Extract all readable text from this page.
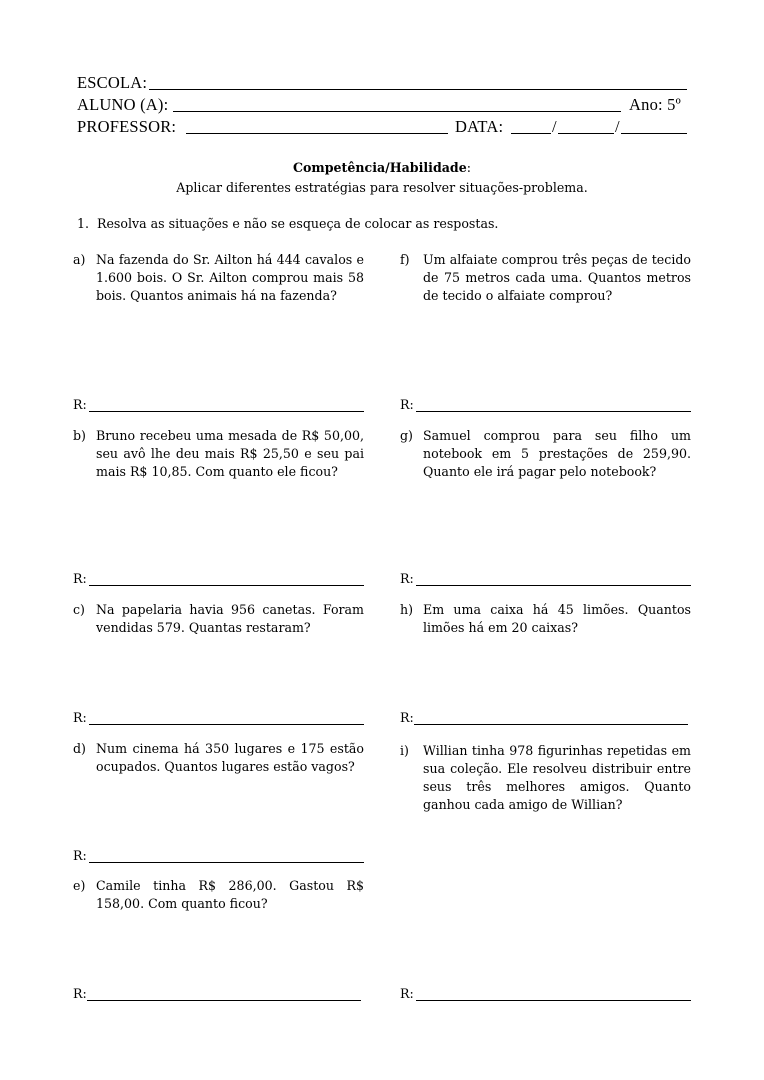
ESCOLA:
ALUNO (A):	Ano: 5º
PROFESSOR:	DATA:	/	/
Competência/Habilidade:
Aplicar diferentes estratégias para resolver situações-problema.
1. Resolva as situações e não se esqueça de colocar as respostas.
a) Na fazenda do Sr. Ailton há 444 cavalos e 1.600 bois. O Sr. Ailton comprou mais 58 bois. Quantos animais há na fazenda?
R:
b) Bruno recebeu uma mesada de R$ 50,00, seu avô lhe deu mais R$ 25,50 e seu pai mais R$ 10,85. Com quanto ele ficou?
R:
c) Na papelaria havia 956 canetas. Foram vendidas 579. Quantas restaram?
R:
d) Num cinema há 350 lugares e 175 estão ocupados. Quantos lugares estão vagos?
R:
e) Camile tinha R$ 286,00. Gastou R$ 158,00. Com quanto ficou?
R:
f) Um alfaiate comprou três peças de tecido de 75 metros cada uma. Quantos metros de tecido o alfaiate comprou?
R:
g) Samuel comprou para seu filho um notebook em 5 prestações de 259,90. Quanto ele irá pagar pelo notebook?
R:
h) Em uma caixa há 45 limões. Quantos limões há em 20 caixas?
R:
i) Willian tinha 978 figurinhas repetidas em sua coleção. Ele resolveu distribuir entre seus três melhores amigos. Quanto ganhou cada amigo de Willian?
R:
